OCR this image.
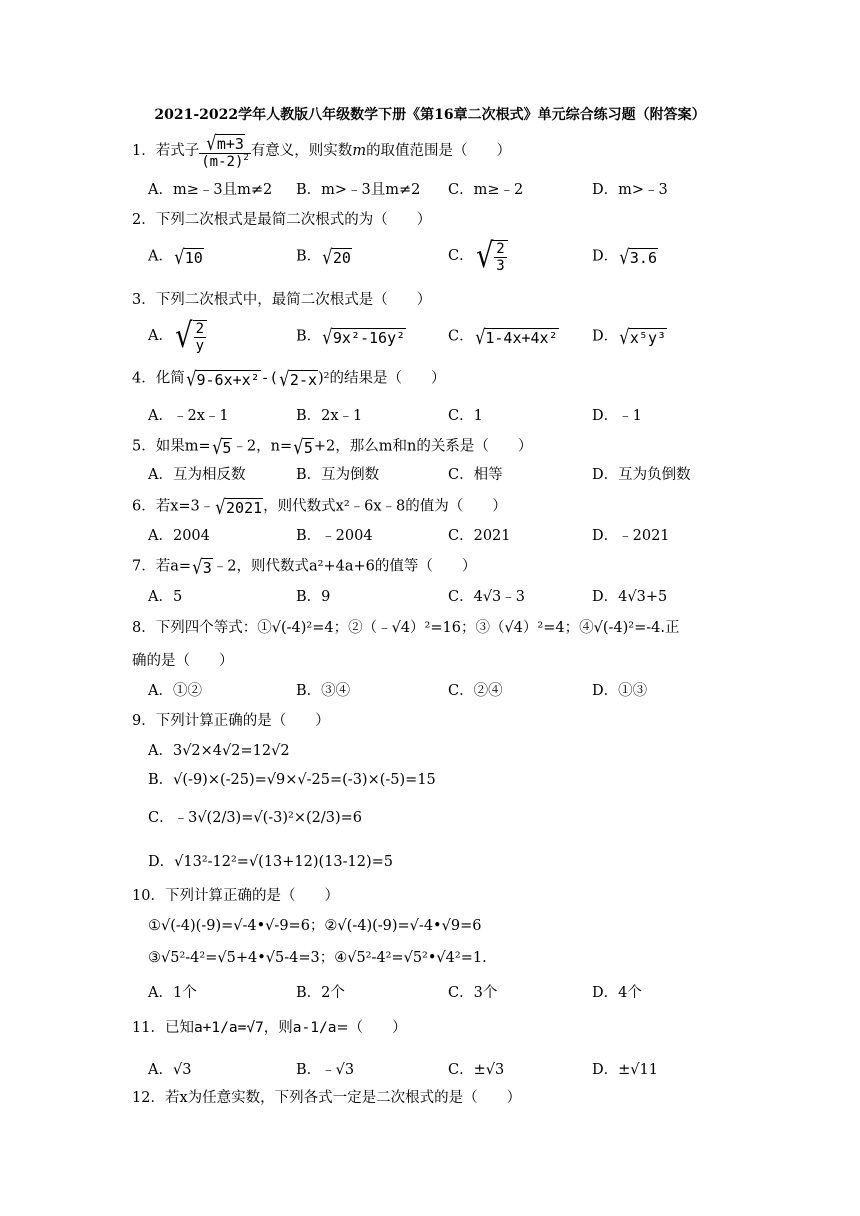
2021-2022学年人教版八年级数学下册《第16章二次根式》单元综合练习题（附答案）
1．若式子 $\frac{√ m+3}{(m-2)^2}$ 有意义，则实数m的取值范围是（　　）
A．m≥﹣3且m≠2 B．m>﹣3且m≠2 C．m≥﹣2	D．m>﹣3
2．下列二次根式是最简二次根式的为（　　）
A． √ 10	B． √ 20	C． √ $\frac{2}{3}$	D． √ 3.6
3．下列二次根式中，最简二次根式是（　　）
A． √ $\frac{2}{y}$	B． √ 9x²-16y²	C． √ 1-4x+4x² D． √ x⁵y³
4．化简 √ 9-6x+x² -( √ 2-x )²的结果是（　　）
A．﹣2x﹣1	B．2x﹣1	C．1	D．﹣1
5．如果m= √ 5 ﹣2，n= √ 5 +2，那么m和n的关系是（　　）
A．互为相反数	B．互为倒数	C．相等	D．互为负倒数
6．若x=3﹣ √ 2021 ，则代数式x²﹣6x﹣8的值为（　　）
A．2004	B．﹣2004	C．2021	D．﹣2021
7．若a= √ 3 ﹣2，则代数式a²+4a+6的值等（　　）
A．5	B．9	C．4√3﹣3	D．4√3+5
8．下列四个等式：①√(-4)²=4；②（﹣√4）²=16；③（√4）²=4；④√(-4)²=-4.正
确的是（　　）
A．①②	B．③④	C．②④	D．①③
9．下列计算正确的是（　　）
A．3√2×4√2=12√2
B．√(-9)×(-25)=√9×√-25=(-3)×(-5)=15
C．﹣3√(2/3)=√(-3)²×(2/3)=6
D．√13²-12²=√(13+12)(13-12)=5
10．下列计算正确的是（　　）
①√(-4)(-9)=√-4•√-9=6；②√(-4)(-9)=√-4•√9=6
③√5²-4²=√5+4•√5-4=3；④√5²-4²=√5²•√4²=1.
A．1个	B．2个	C．3个	D．4个
11．已知a+1/a=√7，则a-1/a=（　　）
A．√3	B．﹣√3	C．±√3	D．±√11
12．若x为任意实数，下列各式一定是二次根式的是（　　）
